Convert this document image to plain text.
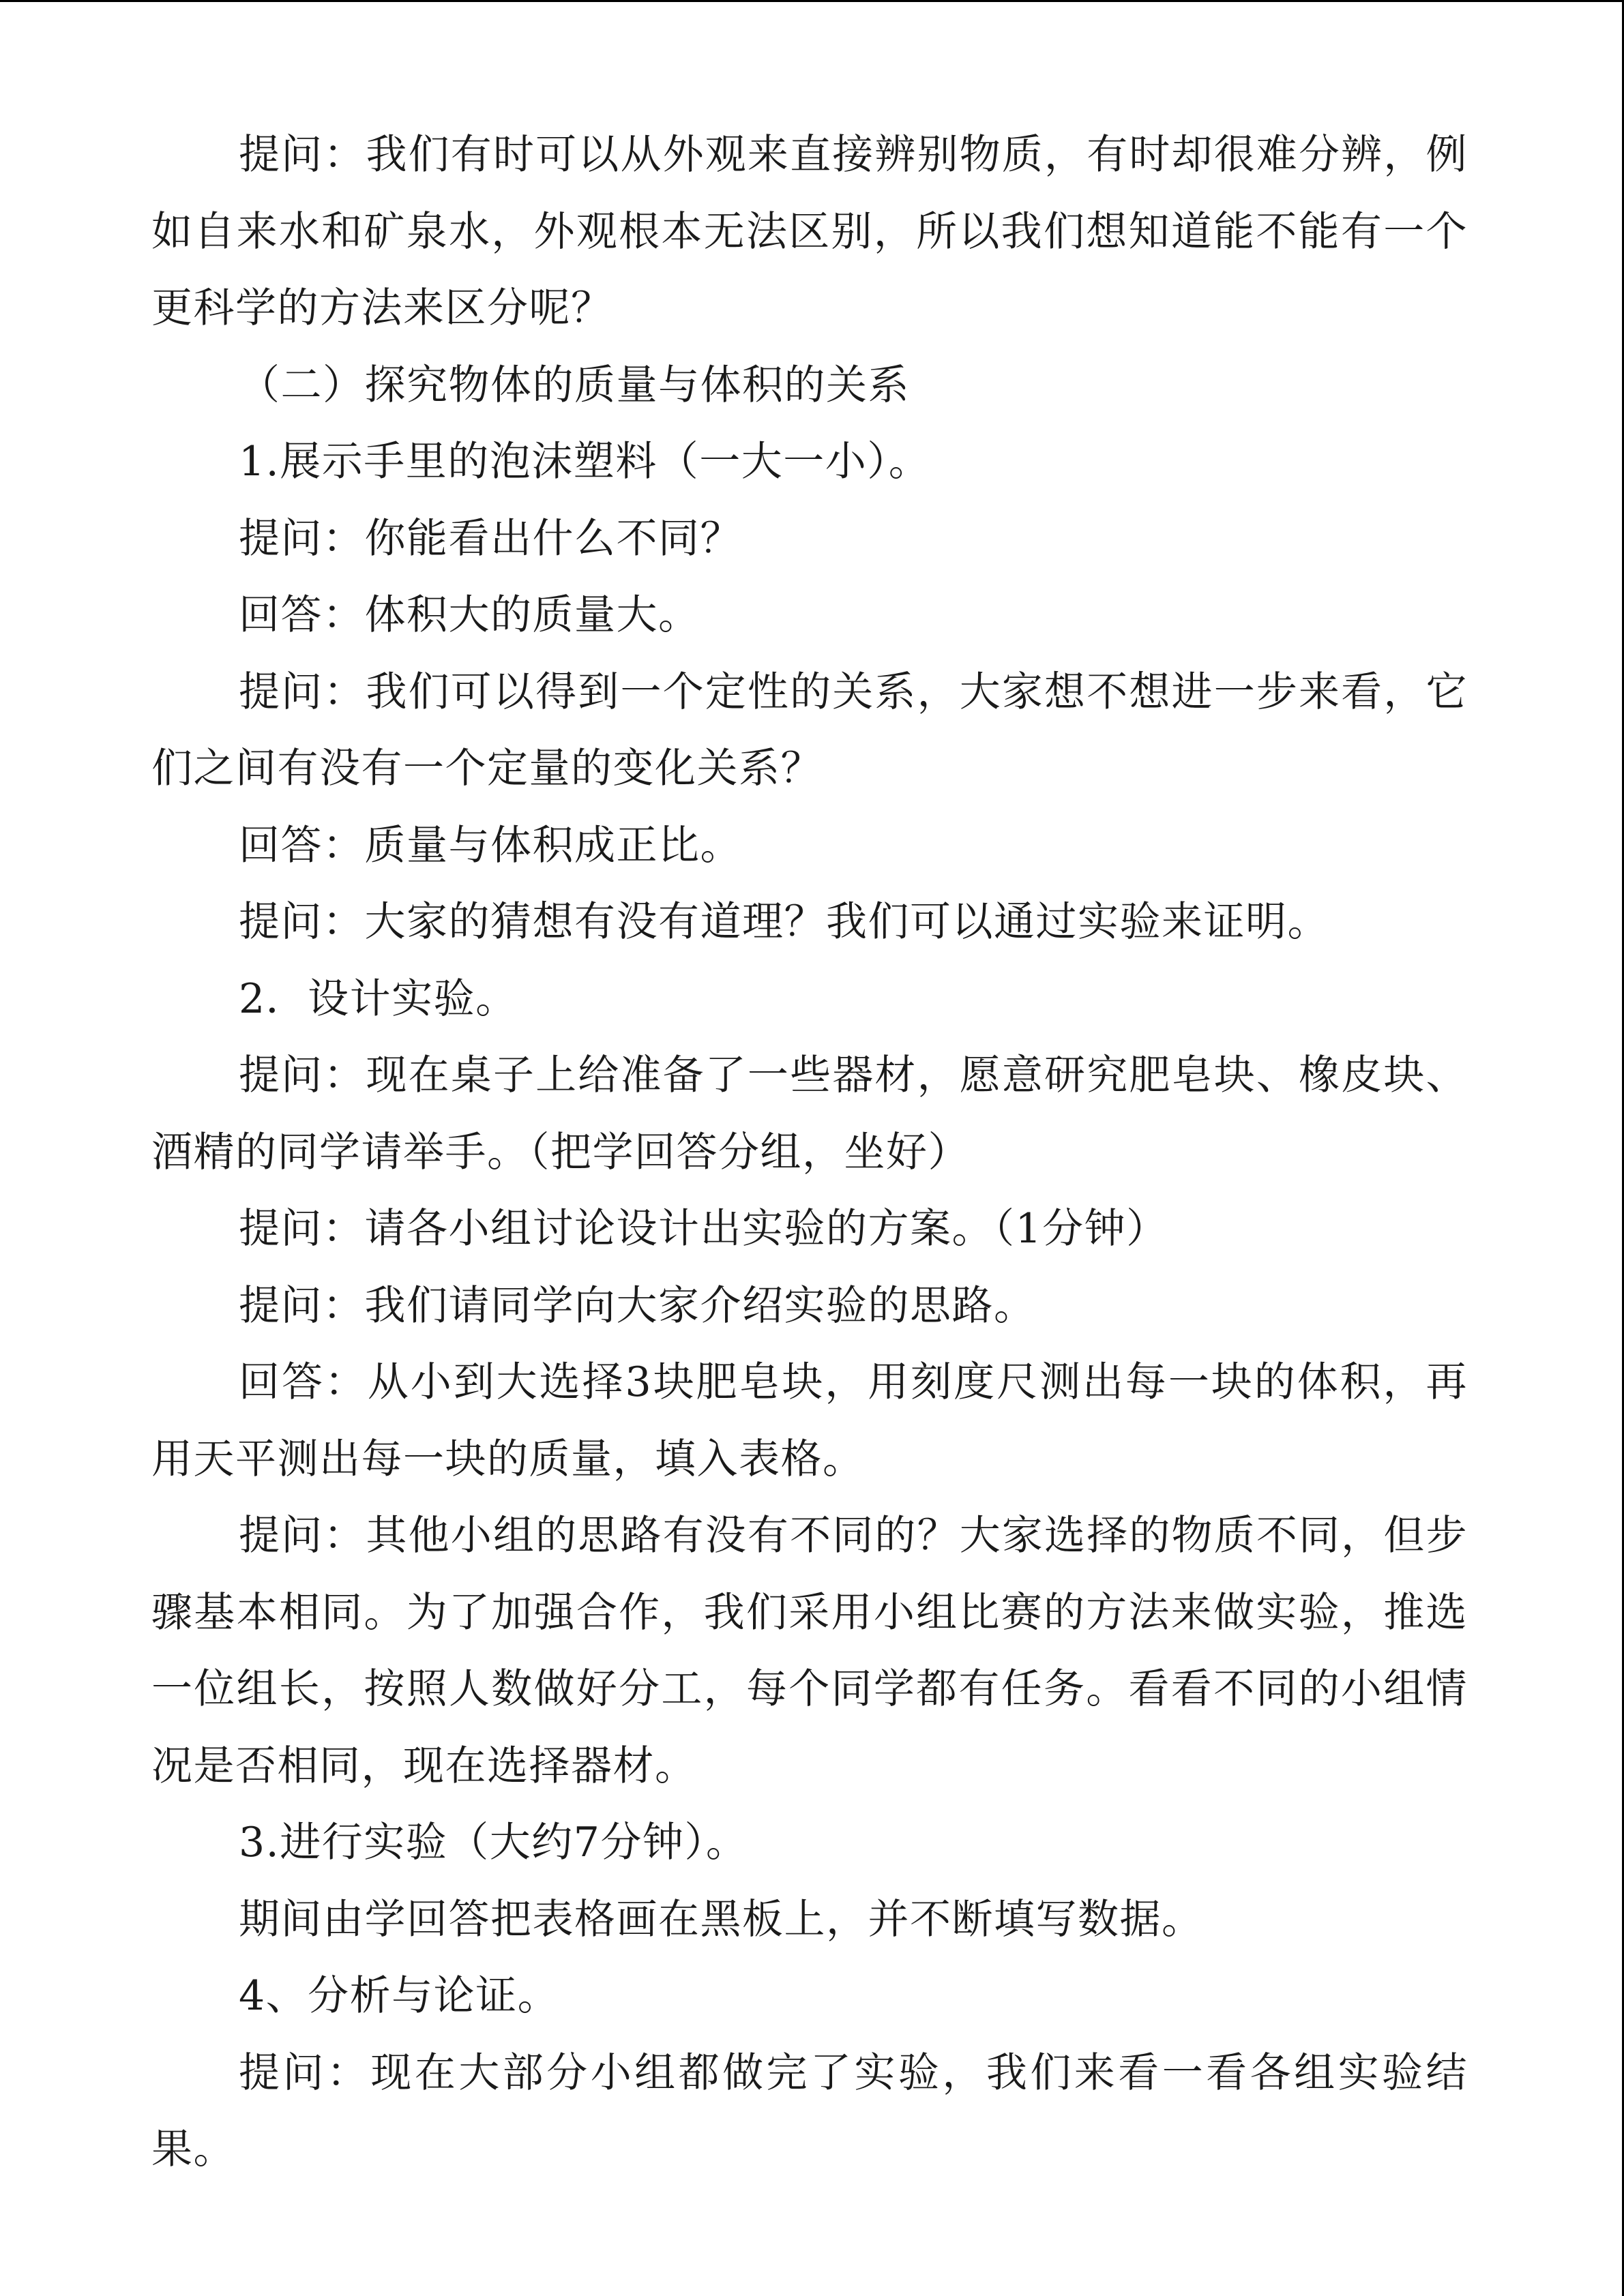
提问：我们有时可以从外观来直接辨别物质，有时却很难分辨，例如自来水和矿泉水，外观根本无法区别，所以我们想知道能不能有一个更科学的方法来区分呢？

（二）探究物体的质量与体积的关系

1.展示手里的泡沫塑料（一大一小）。

提问：你能看出什么不同？

回答：体积大的质量大。

提问：我们可以得到一个定性的关系，大家想不想进一步来看，它们之间有没有一个定量的变化关系？

回答：质量与体积成正比。

提问：大家的猜想有没有道理？我们可以通过实验来证明。

2．设计实验。

提问：现在桌子上给准备了一些器材，愿意研究肥皂块、橡皮块、酒精的同学请举手。（把学回答分组，坐好）

提问：请各小组讨论设计出实验的方案。（1分钟）

提问：我们请同学向大家介绍实验的思路。

回答：从小到大选择3块肥皂块，用刻度尺测出每一块的体积，再用天平测出每一块的质量，填入表格。

提问：其他小组的思路有没有不同的？大家选择的物质不同，但步骤基本相同。为了加强合作，我们采用小组比赛的方法来做实验，推选一位组长，按照人数做好分工，每个同学都有任务。看看不同的小组情况是否相同，现在选择器材。

3.进行实验（大约7分钟）。

期间由学回答把表格画在黑板上，并不断填写数据。

4、分析与论证。

提问：现在大部分小组都做完了实验，我们来看一看各组实验结果。
